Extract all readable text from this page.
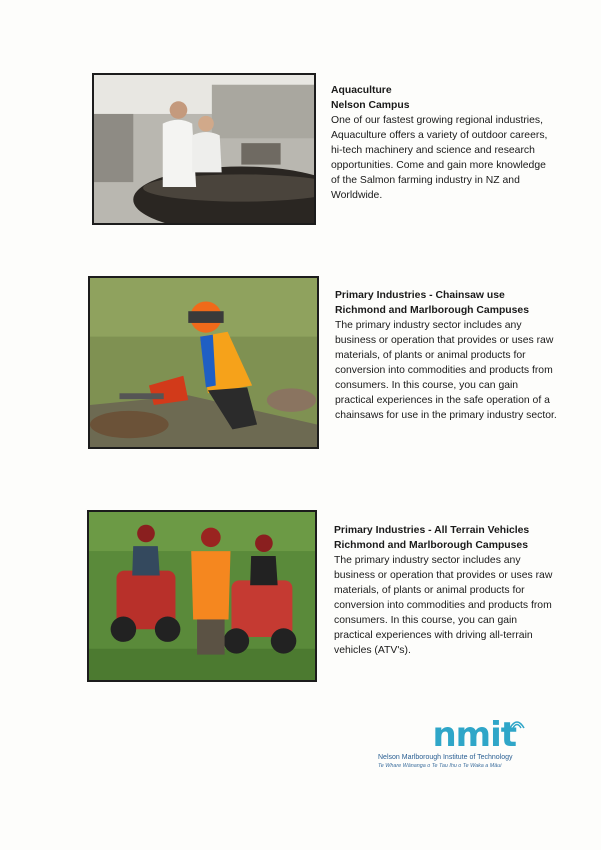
Aquaculture
Nelson Campus

One of our fastest growing regional industries, Aquaculture offers a variety of outdoor careers, hi-tech machinery and science and research opportunities. Come and gain more knowledge of the Salmon farming industry in NZ and Worldwide.

Primary Industries - Chainsaw use
Richmond and Marlborough Campuses

The primary industry sector includes any business or operation that provides or uses raw materials, of plants or animal products for conversion into commodities and products from consumers. In this course, you can gain practical experiences in the safe operation of a chainsaws for use in the primary industry sector.

Primary Industries - All Terrain Vehicles
Richmond and Marlborough Campuses

The primary industry sector includes any business or operation that provides or uses raw materials, of plants or animal products for conversion into commodities and products from consumers. In this course, you can gain practical experiences with driving all-terrain vehicles (ATV's).

nmit
Nelson Marlborough Institute of Technology
Te Whare Wānanga o Te Tau Ihu o Te Waka a Māui
